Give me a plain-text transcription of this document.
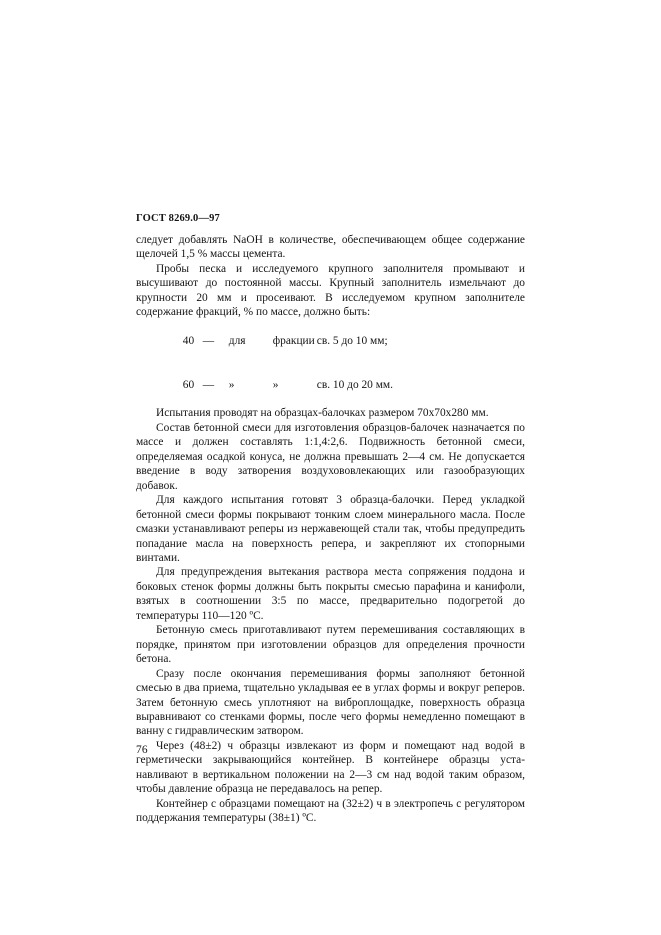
ГОСТ 8269.0—97

следует добавлять NaOH в количестве, обеспечивающем общее содержание щелочей 1,5 % массы цемента.

Пробы песка и исследуемого крупного заполнителя промывают и высушивают до постоянной массы. Крупный заполнитель измельчают до крупности 20 мм и просеивают. В исследуемом крупном заполнителе содержание фракций, % по массе, должно быть:

40 — для фракции св. 5 до 10 мм;

60 — »	»	св. 10 до 20 мм.

Испытания проводят на образцах-балочках размером 70х70х280 мм.

Состав бетонной смеси для изготовления образцов-балочек назначается по массе и должен составлять 1:1,4:2,6. Подвижность бетонной смеси, определяемая осадкой конуса, не должна превышать 2—4 см. Не допускается введение в воду затворения воздухововлекающих или газообразующих добавок.

Для каждого испытания готовят 3 образца-балочки. Перед укладкой бетонной смеси формы покрывают тонким слоем минерального масла. После смазки устанавливают реперы из нержавеющей стали так, чтобы предупредить попадание масла на поверхность репера, и закрепляют их стопорными винтами.

Для предупреждения вытекания раствора места сопряжения поддона и боковых стенок формы должны быть покрыты смесью парафина и канифоли, взятых в соотношении 3:5 по массе, предварительно подогретой до температуры 110—120 ºС.

Бетонную смесь приготавливают путем перемешивания составляющих в порядке, принятом при изготовлении образцов для определения прочности бетона.

Сразу после окончания перемешивания формы заполняют бетонной смесью в два приема, тщательно укладывая ее в углах формы и вокруг реперов. Затем бетонную смесь уплотняют на виброплощадке, поверхность образца выравнивают со стенками формы, после чего формы немедленно помещают в ванну с гидравлическим затвором.

Через (48±2) ч образцы извлекают из форм и помещают над водой в герметически закрывающийся контейнер. В контейнере образцы устанавливают в вертикальном положении на 2—3 см над водой таким образом, чтобы давление образца не передавалось на репер.

Контейнер с образцами помещают на (32±2) ч в электропечь с регулятором поддержания температуры (38±1) ºС.

76
